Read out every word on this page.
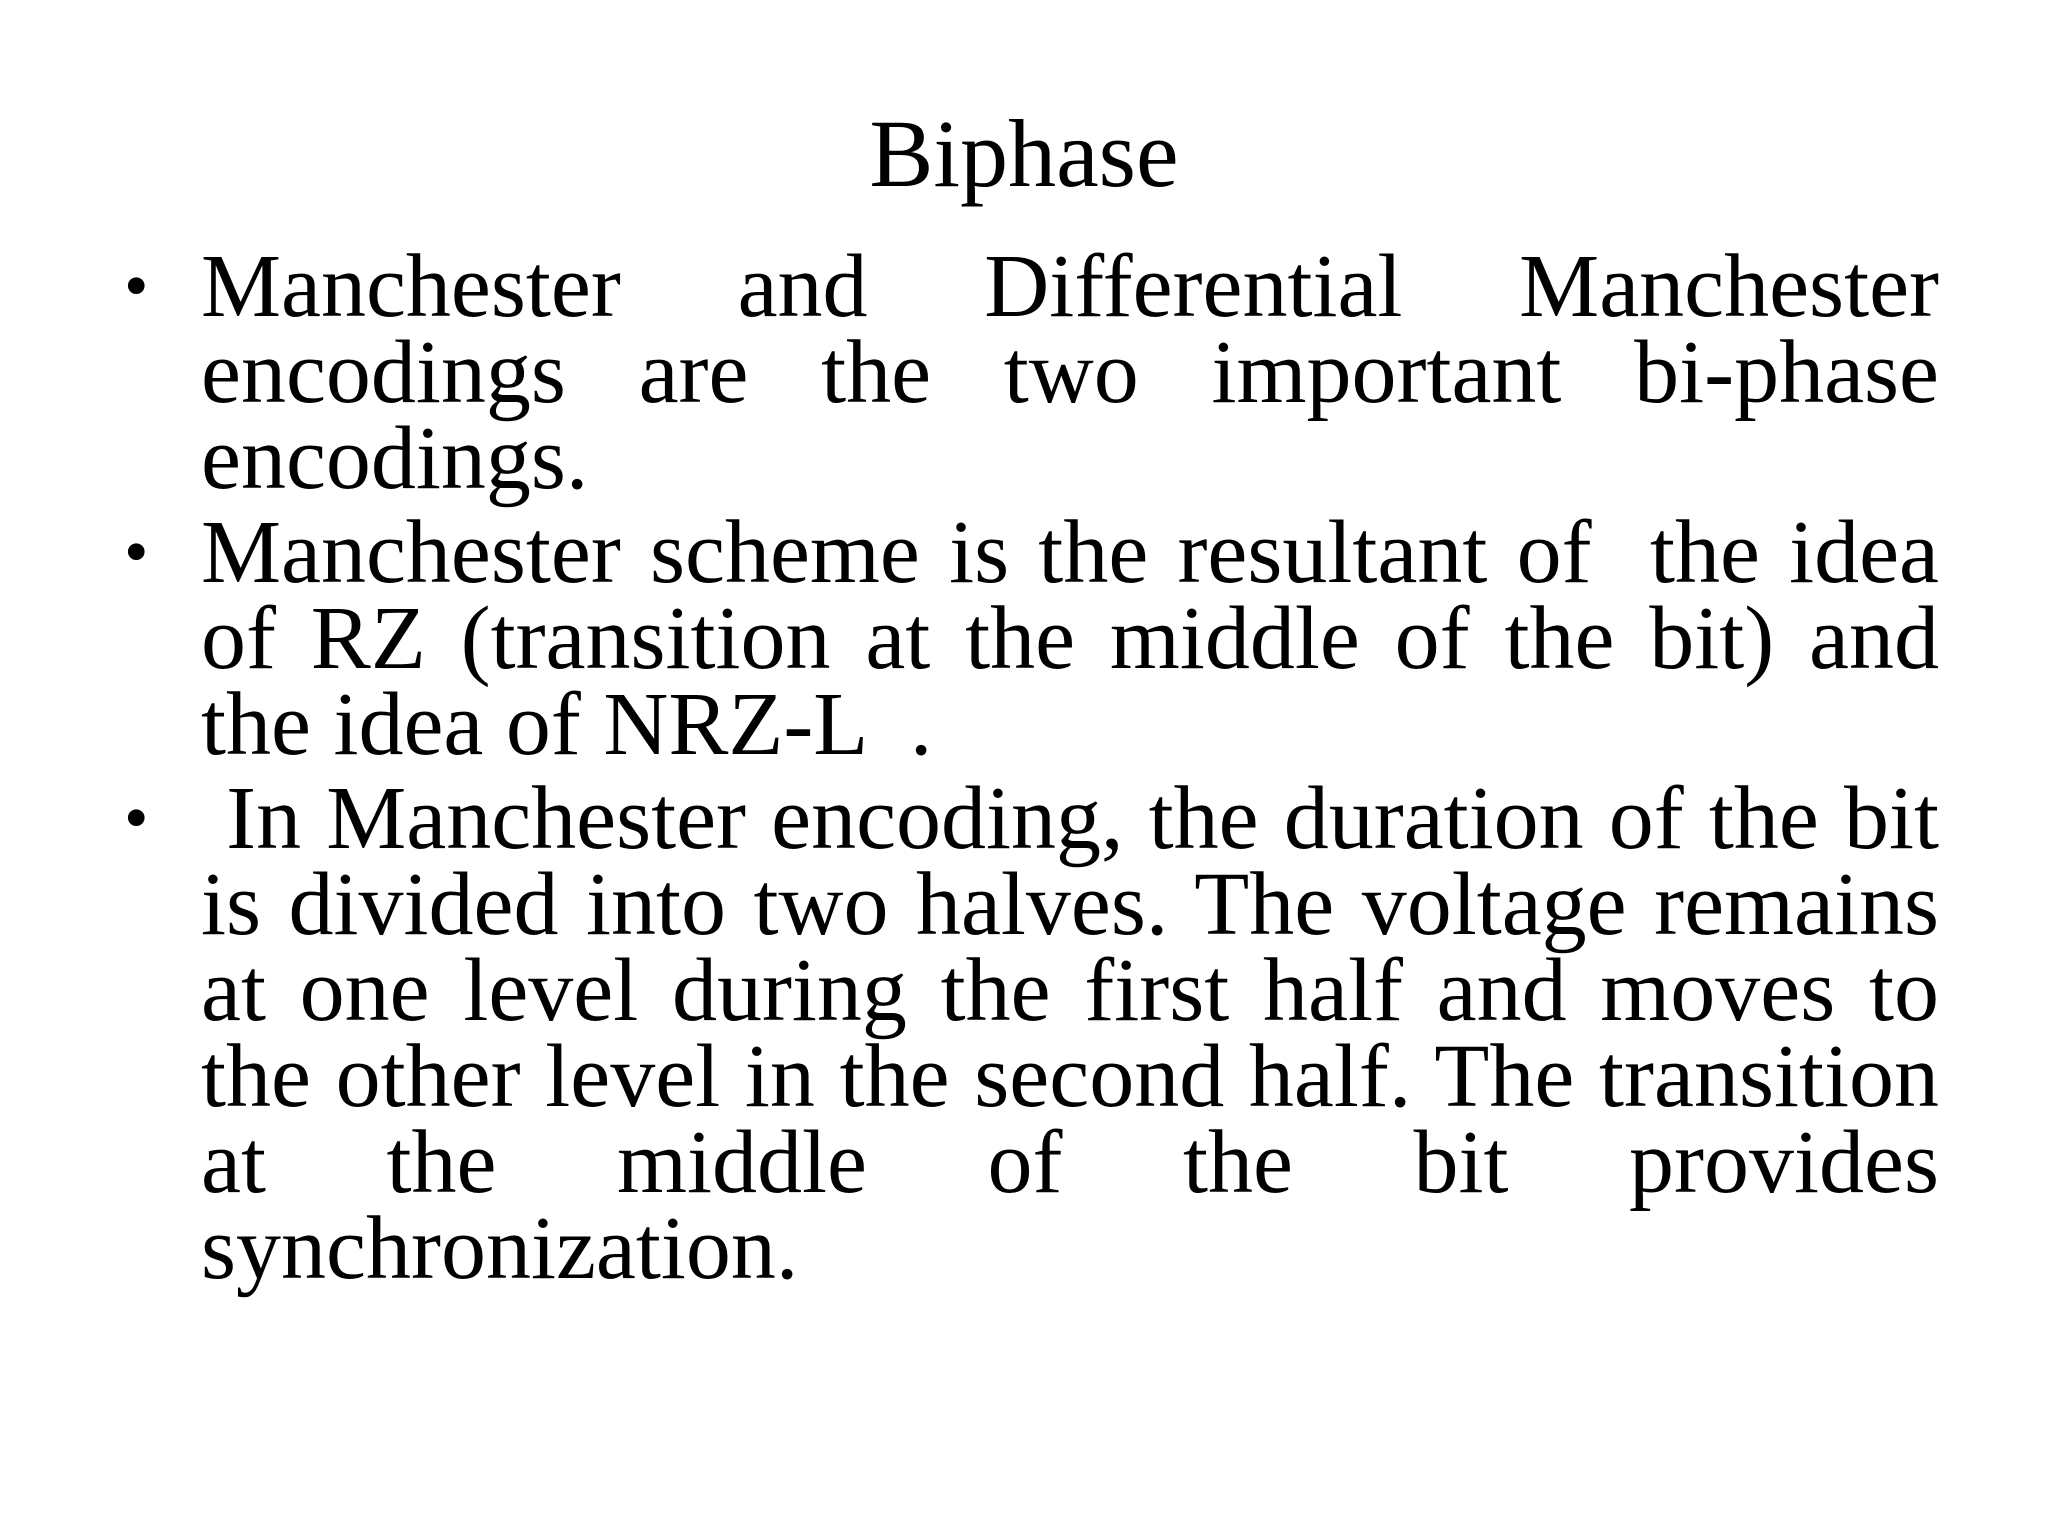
Biphase
• Manchester and Differential Manchester encodings are the two important bi-phase encodings.
• Manchester scheme is the resultant of  the idea of RZ (transition at the middle of the bit) and the idea of NRZ-L  .
• In Manchester encoding, the duration of the bit is divided into two halves. The voltage remains at one level during the first half and moves to the other level in the second half. The transition at the middle of the bit provides synchronization.
